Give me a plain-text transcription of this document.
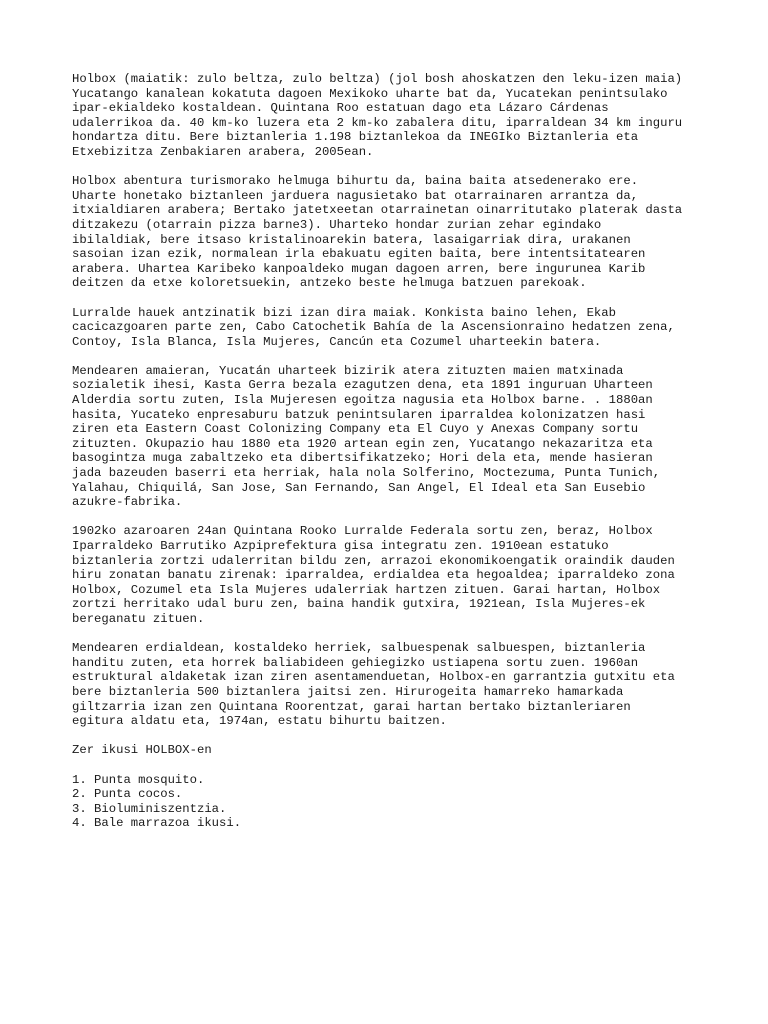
Holbox (maiatik: zulo beltza, zulo beltza) (jol bosh ahoskatzen den leku-izen maia)
Yucatango kanalean kokatuta dagoen Mexikoko uharte bat da, Yucatekan penintsulako
ipar-ekialdeko kostaldean. Quintana Roo estatuan dago eta Lázaro Cárdenas
udalerrikoa da. 40 km-ko luzera eta 2 km-ko zabalera ditu, iparraldean 34 km inguru
hondartza ditu. Bere biztanleria 1.198 biztanlekoa da INEGIko Biztanleria eta
Etxebizitza Zenbakiaren arabera, 2005ean.

Holbox abentura turismorako helmuga bihurtu da, baina baita atsedenerako ere.
Uharte honetako biztanleen jarduera nagusietako bat otarrainaren arrantza da,
itxialdiaren arabera; Bertako jatetxeetan otarrainetan oinarritutako platerak dasta
ditzakezu (otarrain pizza barne3). Uharteko hondar zurian zehar egindako
ibilaldiak, bere itsaso kristalinoarekin batera, lasaigarriak dira, urakanen
sasoian izan ezik, normalean irla ebakuatu egiten baita, bere intentsitatearen
arabera. Uhartea Karibeko kanpoaldeko mugan dagoen arren, bere ingurunea Karib
deitzen da etxe koloretsuekin, antzeko beste helmuga batzuen parekoak.

Lurralde hauek antzinatik bizi izan dira maiak. Konkista baino lehen, Ekab
cacicazgoaren parte zen, Cabo Catochetik Bahía de la Ascensionraino hedatzen zena,
Contoy, Isla Blanca, Isla Mujeres, Cancún eta Cozumel uharteekin batera.

Mendearen amaieran, Yucatán uharteek bizirik atera zituzten maien matxinada
sozialetik ihesi, Kasta Gerra bezala ezagutzen dena, eta 1891 inguruan Uharteen
Alderdia sortu zuten, Isla Mujeresen egoitza nagusia eta Holbox barne. . 1880an
hasita, Yucateko enpresaburu batzuk penintsularen iparraldea kolonizatzen hasi
ziren eta Eastern Coast Colonizing Company eta El Cuyo y Anexas Company sortu
zituzten. Okupazio hau 1880 eta 1920 artean egin zen, Yucatango nekazaritza eta
basogintza muga zabaltzeko eta dibertsifikatzeko; Hori dela eta, mende hasieran
jada bazeuden baserri eta herriak, hala nola Solferino, Moctezuma, Punta Tunich,
Yalahau, Chiquilá, San Jose, San Fernando, San Angel, El Ideal eta San Eusebio
azukre-fabrika.

1902ko azaroaren 24an Quintana Rooko Lurralde Federala sortu zen, beraz, Holbox
Iparraldeko Barrutiko Azpiprefektura gisa integratu zen. 1910ean estatuko
biztanleria zortzi udalerritan bildu zen, arrazoi ekonomikoengatik oraindik dauden
hiru zonatan banatu zirenak: iparraldea, erdialdea eta hegoaldea; iparraldeko zona
Holbox, Cozumel eta Isla Mujeres udalerriak hartzen zituen. Garai hartan, Holbox
zortzi herritako udal buru zen, baina handik gutxira, 1921ean, Isla Mujeres-ek
bereganatu zituen.

Mendearen erdialdean, kostaldeko herriek, salbuespenak salbuespen, biztanleria
handitu zuten, eta horrek baliabideen gehiegizko ustiapena sortu zuen. 1960an
estruktural aldaketak izan ziren asentamenduetan, Holbox-en garrantzia gutxitu eta
bere biztanleria 500 biztanlera jaitsi zen. Hirurogeita hamarreko hamarkada
giltzarria izan zen Quintana Roorentzat, garai hartan bertako biztanleriaren
egitura aldatu eta, 1974an, estatu bihurtu baitzen.

Zer ikusi HOLBOX-en

1. Punta mosquito.
2. Punta cocos.
3. Bioluminiszentzia.
4. Bale marrazoa ikusi.
